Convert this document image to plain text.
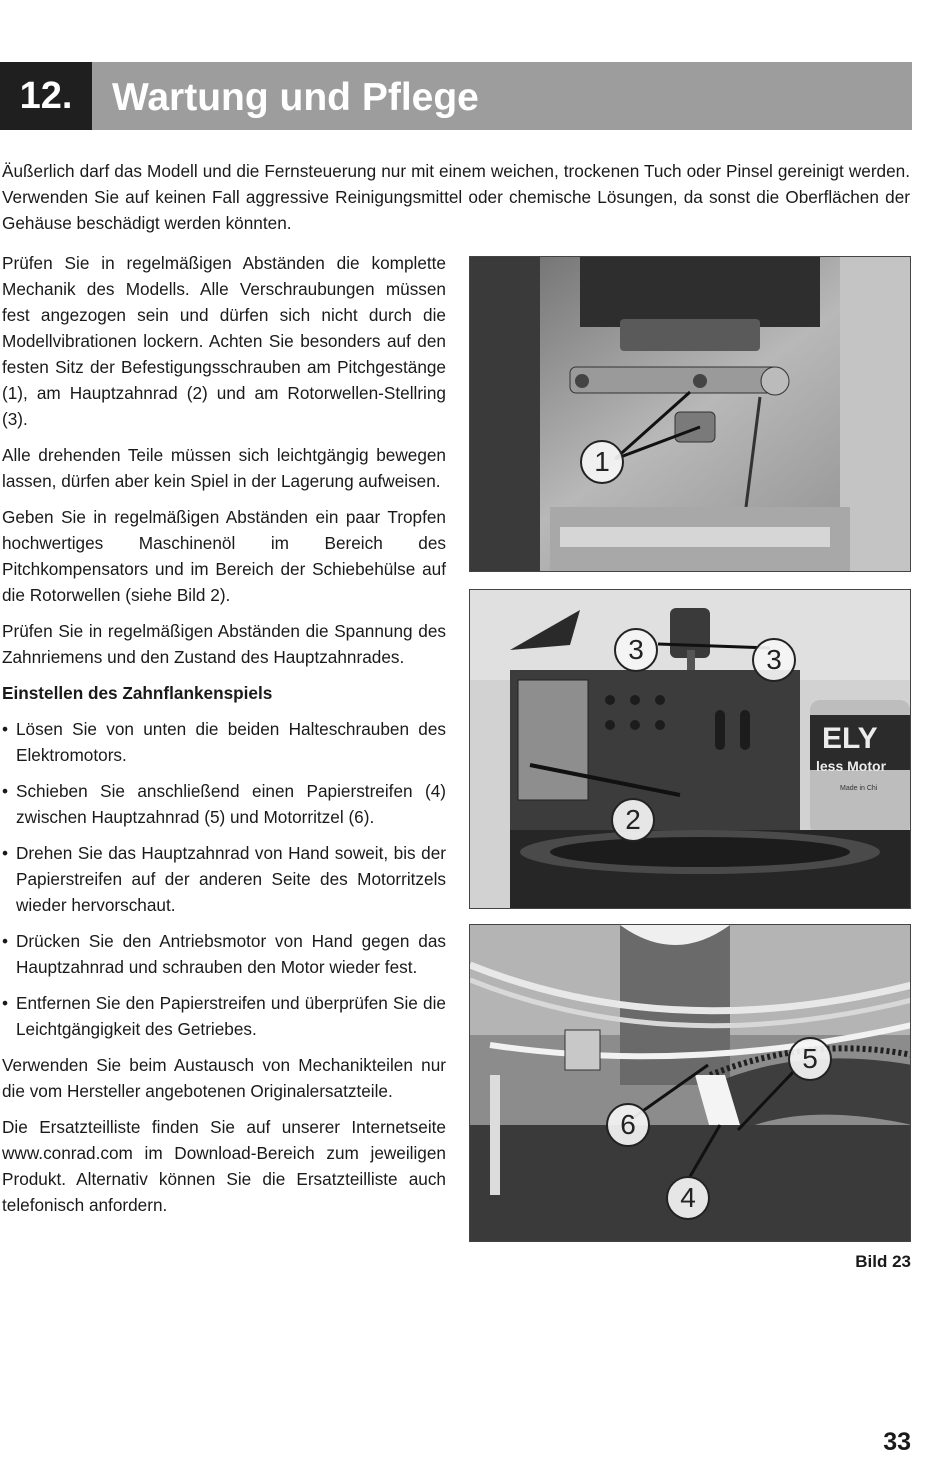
12.	Wartung und Pflege

Äußerlich darf das Modell und die Fernsteuerung nur mit einem weichen, trockenen Tuch oder Pinsel gereinigt werden. Verwenden Sie auf keinen Fall aggressive Reinigungsmittel oder chemische Lösungen, da sonst die Oberflächen der Gehäuse beschädigt werden könnten.

Prüfen Sie in regelmäßigen Abständen die komplette Mechanik des Modells. Alle Verschraubungen müssen fest angezogen sein und dürfen sich nicht durch die Modellvibrationen lockern. Achten Sie besonders auf den festen Sitz der Befestigungsschrauben am Pitchgestänge (1), am Hauptzahnrad (2) und am Rotorwellen-Stellring (3).

Alle drehenden Teile müssen sich leichtgängig bewegen lassen, dürfen aber kein Spiel in der Lagerung aufweisen.

Geben Sie in regelmäßigen Abständen ein paar Tropfen hochwertiges Maschinenöl im Bereich des Pitchkompensators und im Bereich der Schiebehülse auf die Rotorwellen (siehe Bild 2).

Prüfen Sie in regelmäßigen Abständen die Spannung des Zahnriemens und den Zustand des Hauptzahnrades.

Einstellen des Zahnflankenspiels
• Lösen Sie von unten die beiden Halteschrauben des Elektromotors.
• Schieben Sie anschließend einen Papierstreifen (4) zwischen Hauptzahnrad (5) und Motorritzel (6).
• Drehen Sie das Hauptzahnrad von Hand soweit, bis der Papierstreifen auf der anderen Seite des Motorritzels wieder hervorschaut.
• Drücken Sie den Antriebsmotor von Hand gegen das Hauptzahnrad und schrauben den Motor wieder fest.
• Entfernen Sie den Papierstreifen und überprüfen Sie die Leichtgängigkeit des Getriebes.

Verwenden Sie beim Austausch von Mechanikteilen nur die vom Hersteller angebotenen Originalersatzteile.

Die Ersatzteilliste finden Sie auf unserer Internetseite www.conrad.com im Download-Bereich zum jeweiligen Produkt. Alternativ können Sie die Ersatzteilliste auch telefonisch anfordern.

1
ELY
less Motor
Made in Chi
3	3
2
5
6
4
Bild 23
33
